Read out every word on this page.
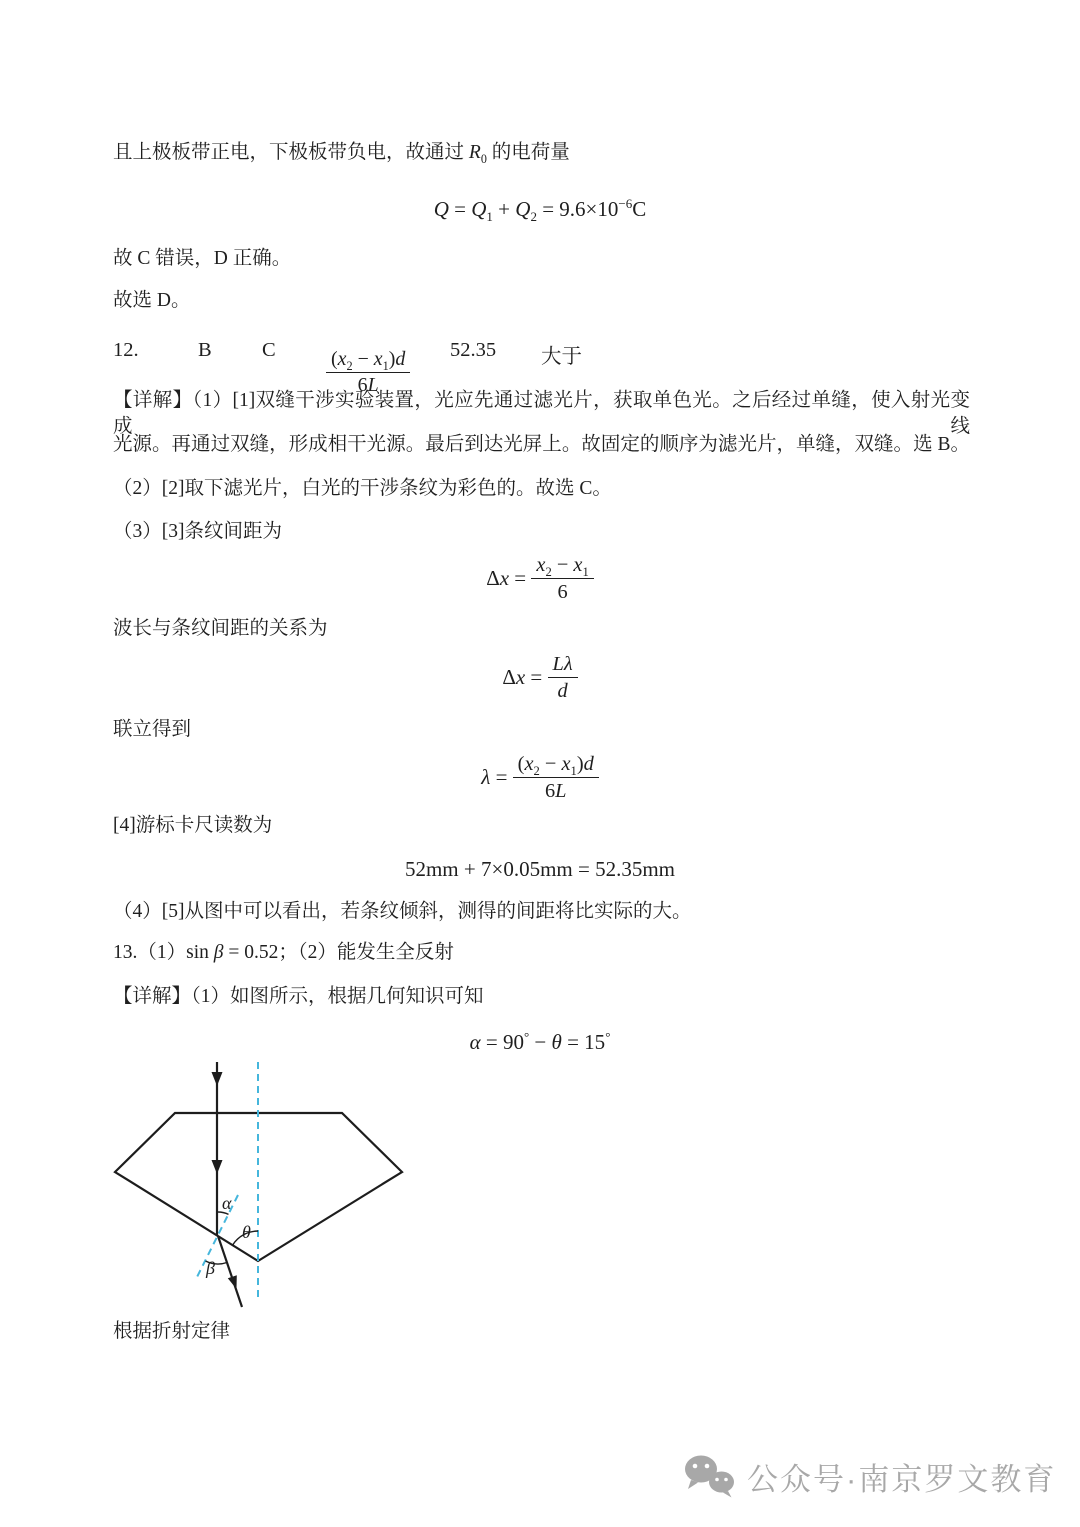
且上极板带正电，下极板带负电，故通过 $R_0$ 的电荷量
$Q = Q_1 + Q_2 = 9.6\times 10^{-6}C$
故 C 错误，D 正确。
故选 D。
12.	B C	$\frac{(x_2 - x_1)d}{6L} 52.35$ 大于
【详解】（1）[1]双缝干涉实验装置，光应先通过滤光片，获取单色光。之后经过单缝，使入射光变成线
光源。再通过双缝，形成相干光源。最后到达光屏上。故固定的顺序为滤光片，单缝，双缝。选 B。
（2）[2]取下滤光片，白光的干涉条纹为彩色的。故选 C。
（3）[3]条纹间距为
$\Delta x = \frac{x_2 - x_1}{6}$
波长与条纹间距的关系为
$\Delta x = \frac{L\lambda}{d}$
联立得到
$\lambda = \frac{(x_2 - x_1)d}{6L}$
[4]游标卡尺读数为
52mm + 7×0.05mm = 52.35mm
（4）[5]从图中可以看出，若条纹倾斜，测得的间距将比实际的大。
13.（1）sin β = 0.52；（2）能发生全反射
【详解】（1）如图所示，根据几何知识可知
α = 90° − θ = 15°
α
θ
β
根据折射定律
公众号·南京罗文教育
